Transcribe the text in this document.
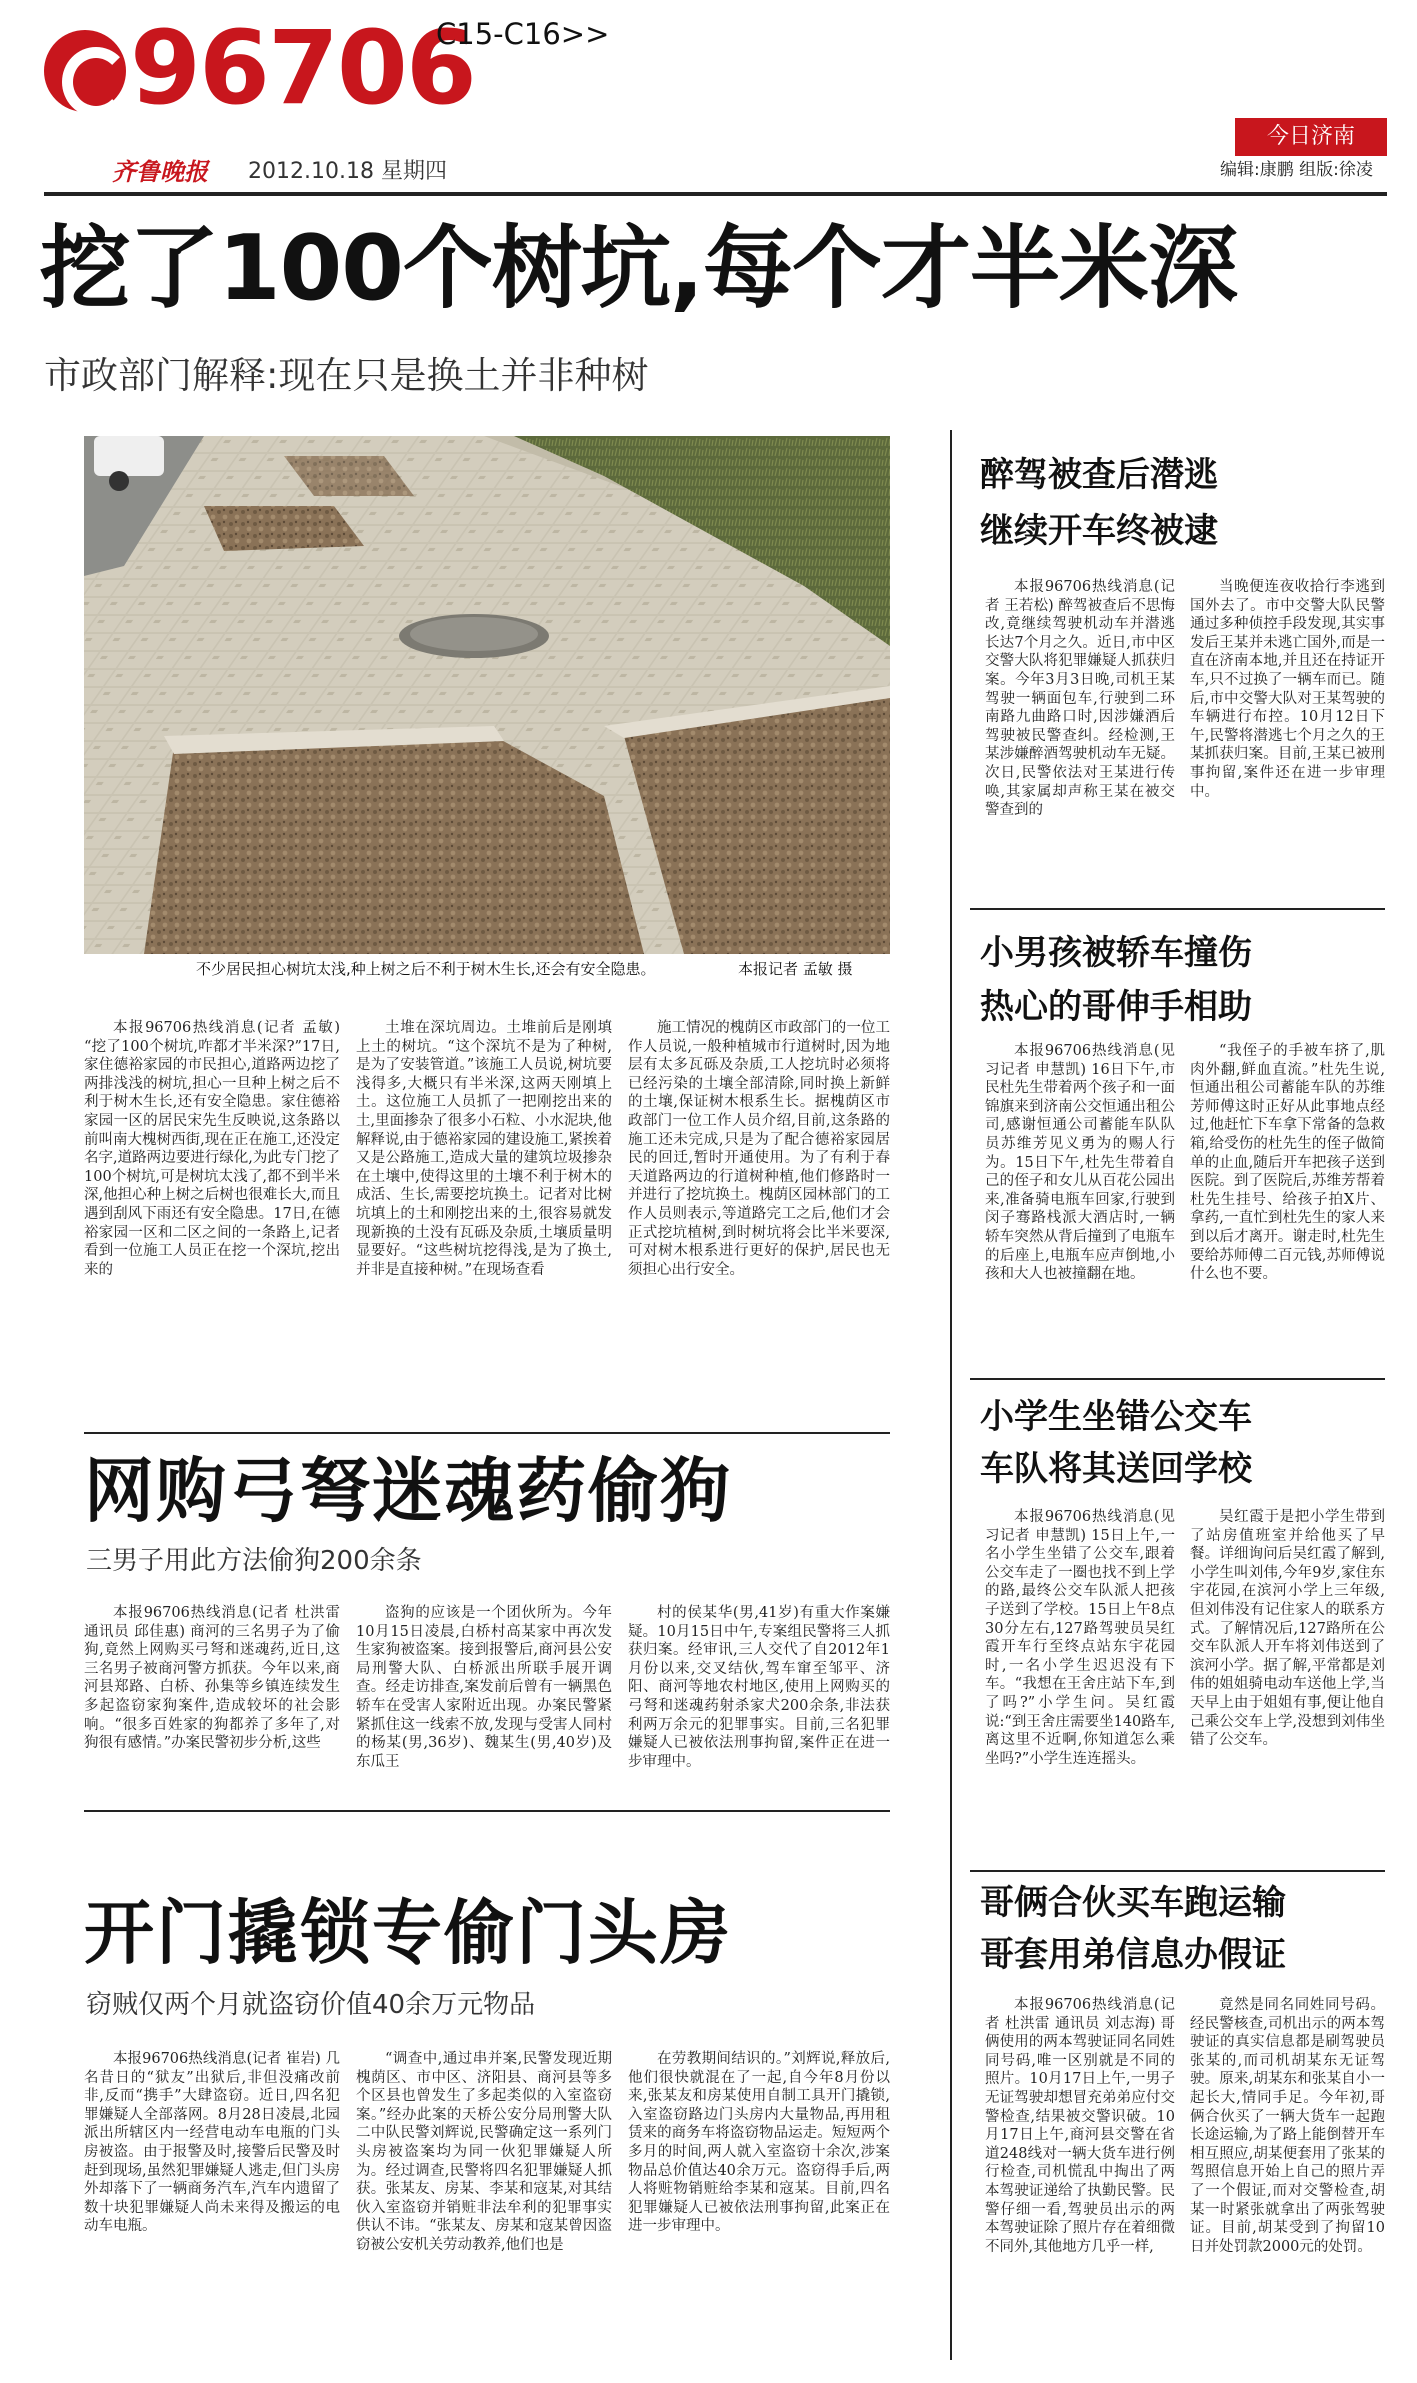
96706
C15-C16>>
齐鲁晚报 2012.10.18 星期四
今日济南
编辑:康鹏 组版:徐凌
挖了100个树坑,每个才半米深
市政部门解释:现在只是换土并非种树
不少居民担心树坑太浅,种上树之后不利于树木生长,还会有安全隐患。	本报记者 孟敏 摄
本报96706热线消息(记者 孟敏) “挖了100个树坑,咋都才半米深?”17日,家住德裕家园的市民担心,道路两边挖了两排浅浅的树坑,担心一旦种上树之后不利于树木生长,还有安全隐患。家住德裕家园一区的居民宋先生反映说,这条路以前叫南大槐树西街,现在正在施工,还没定名字,道路两边要进行绿化,为此专门挖了100个树坑,可是树坑太浅了,都不到半米深,他担心种上树之后树也很难长大,而且遇到刮风下雨还有安全隐患。17日,在德裕家园一区和二区之间的一条路上,记者看到一位施工人员正在挖一个深坑,挖出来的
土堆在深坑周边。土堆前后是刚填上土的树坑。“这个深坑不是为了种树,是为了安装管道。”该施工人员说,树坑要浅得多,大概只有半米深,这两天刚填上土。这位施工人员抓了一把刚挖出来的土,里面掺杂了很多小石粒、小水泥块,他解释说,由于德裕家园的建设施工,紧挨着又是公路施工,造成大量的建筑垃圾掺杂在土壤中,使得这里的土壤不利于树木的成活、生长,需要挖坑换土。记者对比树坑填上的土和刚挖出来的土,很容易就发现新换的土没有瓦砾及杂质,土壤质量明显要好。“这些树坑挖得浅,是为了换土,并非是直接种树。”在现场查看
施工情况的槐荫区市政部门的一位工作人员说,一般种植城市行道树时,因为地层有太多瓦砾及杂质,工人挖坑时必须将已经污染的土壤全部清除,同时换上新鲜的土壤,保证树木根系生长。据槐荫区市政部门一位工作人员介绍,目前,这条路的施工还未完成,只是为了配合德裕家园居民的回迁,暂时开通使用。为了有利于春天道路两边的行道树种植,他们修路时一并进行了挖坑换土。槐荫区园林部门的工作人员则表示,等道路完工之后,他们才会正式挖坑植树,到时树坑将会比半米要深,可对树木根系进行更好的保护,居民也无须担心出行安全。
网购弓弩迷魂药偷狗
三男子用此方法偷狗200余条
本报96706热线消息(记者 杜洪雷 通讯员 邱佳惠) 商河的三名男子为了偷狗,竟然上网购买弓弩和迷魂药,近日,这三名男子被商河警方抓获。今年以来,商河县郑路、白桥、孙集等乡镇连续发生多起盗窃家狗案件,造成较坏的社会影响。“很多百姓家的狗都养了多年了,对狗很有感情。”办案民警初步分析,这些
盗狗的应该是一个团伙所为。今年10月15日凌晨,白桥村高某家中再次发生家狗被盗案。接到报警后,商河县公安局刑警大队、白桥派出所联手展开调查。经走访排查,案发前后曾有一辆黑色轿车在受害人家附近出现。办案民警紧紧抓住这一线索不放,发现与受害人同村的杨某(男,36岁)、魏某生(男,40岁)及东瓜王
村的侯某华(男,41岁)有重大作案嫌疑。10月15日中午,专案组民警将三人抓获归案。经审讯,三人交代了自2012年1月份以来,交叉结伙,驾车窜至邹平、济阳、商河等地农村地区,使用上网购买的弓弩和迷魂药射杀家犬200余条,非法获利两万余元的犯罪事实。目前,三名犯罪嫌疑人已被依法刑事拘留,案件正在进一步审理中。
开门撬锁专偷门头房
窃贼仅两个月就盗窃价值40余万元物品
本报96706热线消息(记者 崔岩) 几名昔日的“狱友”出狱后,非但没痛改前非,反而“携手”大肆盗窃。近日,四名犯罪嫌疑人全部落网。8月28日凌晨,北园派出所辖区内一经营电动车电瓶的门头房被盗。由于报警及时,接警后民警及时赶到现场,虽然犯罪嫌疑人逃走,但门头房外却落下了一辆商务汽车,汽车内遗留了数十块犯罪嫌疑人尚未来得及搬运的电动车电瓶。
“调查中,通过串并案,民警发现近期槐荫区、市中区、济阳县、商河县等多个区县也曾发生了多起类似的入室盗窃案。”经办此案的天桥公安分局刑警大队二中队民警刘辉说,民警确定这一系列门头房被盗案均为同一伙犯罪嫌疑人所为。经过调查,民警将四名犯罪嫌疑人抓获。张某友、房某、李某和寇某,对其结伙入室盗窃并销赃非法牟利的犯罪事实供认不讳。“张某友、房某和寇某曾因盗窃被公安机关劳动教养,他们也是
在劳教期间结识的。”刘辉说,释放后,他们很快就混在了一起,自今年8月份以来,张某友和房某使用自制工具开门撬锁,入室盗窃路边门头房内大量物品,再用租赁来的商务车将盗窃物品运走。短短两个多月的时间,两人就入室盗窃十余次,涉案物品总价值达40余万元。盗窃得手后,两人将赃物销赃给李某和寇某。目前,四名犯罪嫌疑人已被依法刑事拘留,此案正在进一步审理中。
醉驾被查后潜逃
继续开车终被逮
本报96706热线消息(记者 王若松) 醉驾被查后不思悔改,竟继续驾驶机动车并潜逃长达7个月之久。近日,市中区交警大队将犯罪嫌疑人抓获归案。今年3月3日晚,司机王某驾驶一辆面包车,行驶到二环南路九曲路口时,因涉嫌酒后驾驶被民警查纠。经检测,王某涉嫌醉酒驾驶机动车无疑。次日,民警依法对王某进行传唤,其家属却声称王某在被交警查到的
当晚便连夜收拾行李逃到国外去了。市中交警大队民警通过多种侦控手段发现,其实事发后王某并未逃亡国外,而是一直在济南本地,并且还在持证开车,只不过换了一辆车而已。随后,市中交警大队对王某驾驶的车辆进行布控。10月12日下午,民警将潜逃七个月之久的王某抓获归案。目前,王某已被刑事拘留,案件还在进一步审理中。
小男孩被轿车撞伤
热心的哥伸手相助
本报96706热线消息(见习记者 申慧凯) 16日下午,市民杜先生带着两个孩子和一面锦旗来到济南公交恒通出租公司,感谢恒通公司蓄能车队队员苏维芳见义勇为的赐人行为。15日下午,杜先生带着自己的侄子和女儿从百花公园出来,准备骑电瓶车回家,行驶到闵子骞路栈派大酒店时,一辆轿车突然从背后撞到了电瓶车的后座上,电瓶车应声倒地,小孩和大人也被撞翻在地。
“我侄子的手被车挤了,肌肉外翻,鲜血直流。”杜先生说,恒通出租公司蓄能车队的苏维芳师傅这时正好从此事地点经过,他赶忙下车拿下常备的急救箱,给受伤的杜先生的侄子做简单的止血,随后开车把孩子送到医院。到了医院后,苏维芳帮着杜先生挂号、给孩子拍X片、拿药,一直忙到杜先生的家人来到以后才离开。谢走时,杜先生要给苏师傅二百元钱,苏师傅说什么也不要。
小学生坐错公交车
车队将其送回学校
本报96706热线消息(见习记者 申慧凯) 15日上午,一名小学生坐错了公交车,跟着公交车走了一圈也找不到上学的路,最终公交车队派人把孩子送到了学校。15日上午8点30分左右,127路驾驶员吴红霞开车行至终点站东宇花园时,一名小学生迟迟没有下车。“我想在王舍庄站下车,到了吗?”小学生问。吴红霞说:“到王舍庄需要坐140路车,离这里不近啊,你知道怎么乘坐吗?”小学生连连摇头。
吴红霞于是把小学生带到了站房值班室并给他买了早餐。详细询问后吴红霞了解到,小学生叫刘伟,今年9岁,家住东宇花园,在滨河小学上三年级,但刘伟没有记住家人的联系方式。了解情况后,127路所在公交车队派人开车将刘伟送到了滨河小学。据了解,平常都是刘伟的姐姐骑电动车送他上学,当天早上由于姐姐有事,便让他自己乘公交车上学,没想到刘伟坐错了公交车。
哥俩合伙买车跑运输
哥套用弟信息办假证
本报96706热线消息(记者 杜洪雷 通讯员 刘志海) 哥俩使用的两本驾驶证同名同姓同号码,唯一区别就是不同的照片。10月17日上午,一男子无证驾驶却想冒充弟弟应付交警检查,结果被交警识破。10月17日上午,商河县交警在省道248线对一辆大货车进行例行检查,司机慌乱中掏出了两本驾驶证递给了执勤民警。民警仔细一看,驾驶员出示的两本驾驶证除了照片存在着细微不同外,其他地方几乎一样,
竟然是同名同姓同号码。经民警核查,司机出示的两本驾驶证的真实信息都是刷驾驶员张某的,而司机胡某东无证驾驶。原来,胡某东和张某自小一起长大,情同手足。今年初,哥俩合伙买了一辆大货车一起跑长途运输,为了路上能倒替开车相互照应,胡某便套用了张某的驾照信息开始上自己的照片弄了一个假证,而对交警检查,胡某一时紧张就拿出了两张驾驶证。目前,胡某受到了拘留10日并处罚款2000元的处罚。
